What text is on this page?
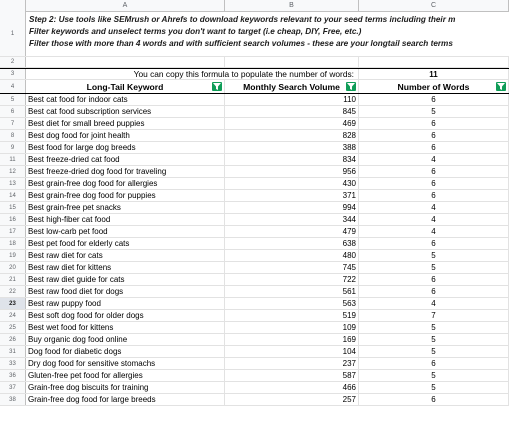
A	B	C
1
Step 2: Use tools like SEMrush or Ahrefs to download keywords relevant to your seed terms including their m
Filter keywords and unselect terms you don't want to target (i.e cheap, DIY, Free, etc.)
Filter those with more than 4 words and with sufficient search volumes - these are your longtail search terms
2
3	You can copy this formula to populate the number of words:	11
4	Long-Tail Keyword	Monthly Search Volume	Number of Words
5	Best cat food for indoor cats	110	6
6	Best cat food subscription services	845	5
7	Best diet for small breed puppies	469	6
8	Best dog food for joint health	828	6
9	Best food for large dog breeds	388	6
11	Best freeze-dried cat food	834	4
12	Best freeze-dried dog food for traveling	956	6
13	Best grain-free dog food for allergies	430	6
14	Best grain-free dog food for puppies	371	6
15	Best grain-free pet snacks	994	4
16	Best high-fiber cat food	344	4
17	Best low-carb pet food	479	4
18	Best pet food for elderly cats	638	6
19	Best raw diet for cats	480	5
20	Best raw diet for kittens	745	5
21	Best raw diet guide for cats	722	6
22	Best raw food diet for dogs	561	6
23	Best raw puppy food	563	4
24	Best soft dog food for older dogs	519	7
25	Best wet food for kittens	109	5
26	Buy organic dog food online	169	5
31	Dog food for diabetic dogs	104	5
33	Dry dog food for sensitive stomachs	237	6
36	Gluten-free pet food for allergies	587	5
37	Grain-free dog biscuits for training	466	5
38	Grain-free dog food for large breeds	257	6
